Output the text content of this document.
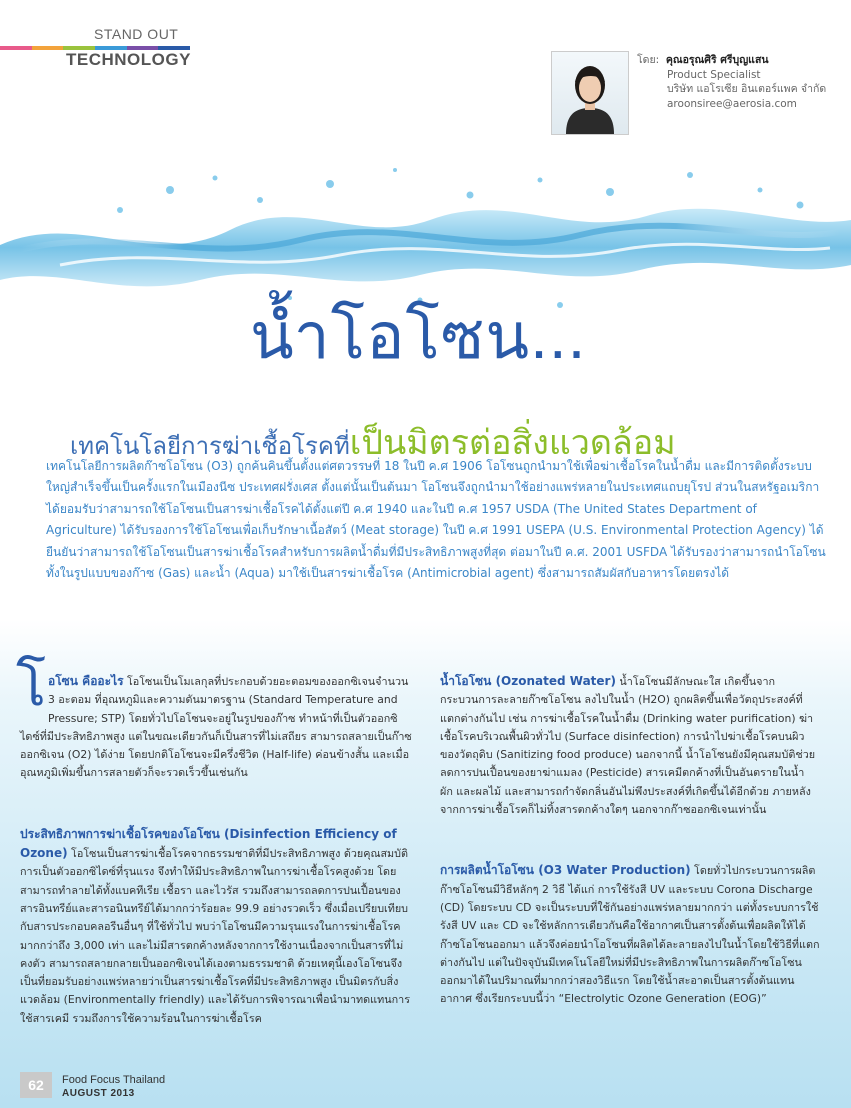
STAND OUT
TECHNOLOGY	โดย: คุณอรุณศิริ ศรีบุญแสน
Product Specialist
บริษัท แอโรเซีย อินเตอร์แพค จำกัด
aroonsiree@aerosia.com
น้ำโอโซน...
เทคโนโลยีการฆ่าเชื้อโรคที่เป็นมิตรต่อสิ่งแวดล้อม
เทคโนโลยีการผลิตก๊าซโอโซน (O3) ถูกค้นคินขึ้นตั้งแต่ศตวรรษที่ 18 ในปี ค.ศ 1906 โอโซนถูกนำมาใช้เพื่อฆ่าเชื้อโรคในน้ำดื่ม และมีการติดตั้งระบบใหญ่สำเร็จขึ้นเป็นครั้งแรกในเมืองนีซ ประเทศฝรั่งเศส ตั้งแต่นั้นเป็นต้นมา โอโซนจึงถูกนำมาใช้อย่างแพร่หลายในประเทศแถบยุโรป ส่วนในสหรัฐอเมริกาได้ยอมรับว่าสามารถใช้โอโซนเป็นสารฆ่าเชื้อโรคได้ตั้งแต่ปี ค.ศ 1940 และในปี ค.ศ 1957 USDA (The United States Department of Agriculture) ได้รับรองการใช้โอโซนเพื่อเก็บรักษาเนื้อสัตว์ (Meat storage) ในปี ค.ศ 1991 USEPA (U.S. Environmental Protection Agency) ได้ยืนยันว่าสามารถใช้โอโซนเป็นสารฆ่าเชื้อโรคสำหรับการผลิตน้ำดื่มที่มีประสิทธิภาพสูงที่สุด ต่อมาในปี ค.ศ. 2001 USFDA ได้รับรองว่าสามารถนำโอโซนทั้งในรูปแบบของก๊าซ (Gas) และน้ำ (Aqua) มาใช้เป็นสารฆ่าเชื้อโรค (Antimicrobial agent) ซึ่งสามารถสัมผัสกับอาหารโดยตรงได้

โ อโซน คืออะไร โอโซนเป็นโมเลกุลที่ประกอบด้วยอะตอมของออกซิเจนจำนวน 3 อะตอม ที่อุณหภูมิและความดันมาตรฐาน (Standard Temperature and Pressure; STP) โดยทั่วไปโอโซนจะอยู่ในรูปของก๊าซ ทำหน้าที่เป็นตัวออกซิไดซ์ที่มีประสิทธิภาพสูง แต่ในขณะเดียวกันก็เป็นสารที่ไม่เสถียร สามารถสลายเป็นก๊าซออกซิเจน (O2) ได้ง่าย โดยปกติโอโซนจะมีครึ่งชีวิต (Half-life) ค่อนข้างสั้น และเมื่ออุณหภูมิเพิ่มขึ้นการสลายตัวก็จะรวดเร็วขึ้นเช่นกัน

ประสิทธิภาพการฆ่าเชื้อโรคของโอโซน (Disinfection Efficiency of Ozone) โอโซนเป็นสารฆ่าเชื้อโรคจากธรรมชาติที่มีประสิทธิภาพสูง ด้วยคุณสมบัติการเป็นตัวออกซิไดซ์ที่รุนแรง จึงทำให้มีประสิทธิภาพในการฆ่าเชื้อโรคสูงด้วย โดยสามารถทำลายได้ทั้งแบคทีเรีย เชื้อรา และไวรัส รวมถึงสามารถลดการปนเปื้อนของสารอินทรีย์และสารอนินทรีย์ได้มากกว่าร้อยละ 99.9 อย่างรวดเร็ว ซึ่งเมื่อเปรียบเทียบกับสารประกอบคลอรีนอื่นๆ ที่ใช้ทั่วไป พบว่าโอโซนมีความรุนแรงในการฆ่าเชื้อโรคมากกว่าถึง 3,000 เท่า และไม่มีสารตกค้างหลังจากการใช้งานเนื่องจากเป็นสารที่ไม่คงตัว สามารถสลายกลายเป็นออกซิเจนได้เองตามธรรมชาติ ด้วยเหตุนี้เองโอโซนจึงเป็นที่ยอมรับอย่างแพร่หลายว่าเป็นสารฆ่าเชื้อโรคที่มีประสิทธิภาพสูง เป็นมิตรกับสิ่งแวดล้อม (Environmentally friendly) และได้รับการพิจารณาเพื่อนำมาทดแทนการใช้สารเคมี รวมถึงการใช้ความร้อนในการฆ่าเชื้อโรค

น้ำโอโซน (Ozonated Water) น้ำโอโซนมีลักษณะใส เกิดขึ้นจากกระบวนการละลายก๊าซโอโซน ลงไปในน้ำ (H2O) ถูกผลิตขึ้นเพื่อวัตถุประสงค์ที่แตกต่างกันไป เช่น การฆ่าเชื้อโรคในน้ำดื่ม (Drinking water purification) ฆ่าเชื้อโรคบริเวณพื้นผิวทั่วไป (Surface disinfection) การนำไปฆ่าเชื้อโรคบนผิวของวัตถุดิบ (Sanitizing food produce) นอกจากนี้ น้ำโอโซนยังมีคุณสมบัติช่วยลดการปนเปื้อนของยาฆ่าแมลง (Pesticide) สารเคมีตกค้างที่เป็นอันตรายในน้ำ ผัก และผลไม้ และสามารถกำจัดกลิ่นอันไม่พึงประสงค์ที่เกิดขึ้นได้อีกด้วย ภายหลังจากการฆ่าเชื้อโรคก็ไม่ทิ้งสารตกค้างใดๆ นอกจากก๊าซออกซิเจนเท่านั้น

การผลิตน้ำโอโซน (O3 Water Production) โดยทั่วไปกระบวนการผลิตก๊าซโอโซนมีวิธีหลักๆ 2 วิธี ได้แก่ การใช้รังสี UV และระบบ Corona Discharge (CD) โดยระบบ CD จะเป็นระบบที่ใช้กันอย่างแพร่หลายมากกว่า แต่ทั้งระบบการใช้รังสี UV และ CD จะใช้หลักการเดียวกันคือใช้อากาศเป็นสารตั้งต้นเพื่อผลิตให้ได้ก๊าซโอโซนออกมา แล้วจึงค่อยนำโอโซนที่ผลิตได้ละลายลงไปในน้ำโดยใช้วิธีที่แตกต่างกันไป แต่ในปัจจุบันมีเทคโนโลยีใหม่ที่มีประสิทธิภาพในการผลิตก๊าซโอโซนออกมาได้ในปริมาณที่มากกว่าสองวิธีแรก โดยใช้น้ำสะอาดเป็นสารตั้งต้นแทนอากาศ ซึ่งเรียกระบบนี้ว่า “Electrolytic Ozone Generation (EOG)”

62	Food Focus Thailand
AUGUST 2013
